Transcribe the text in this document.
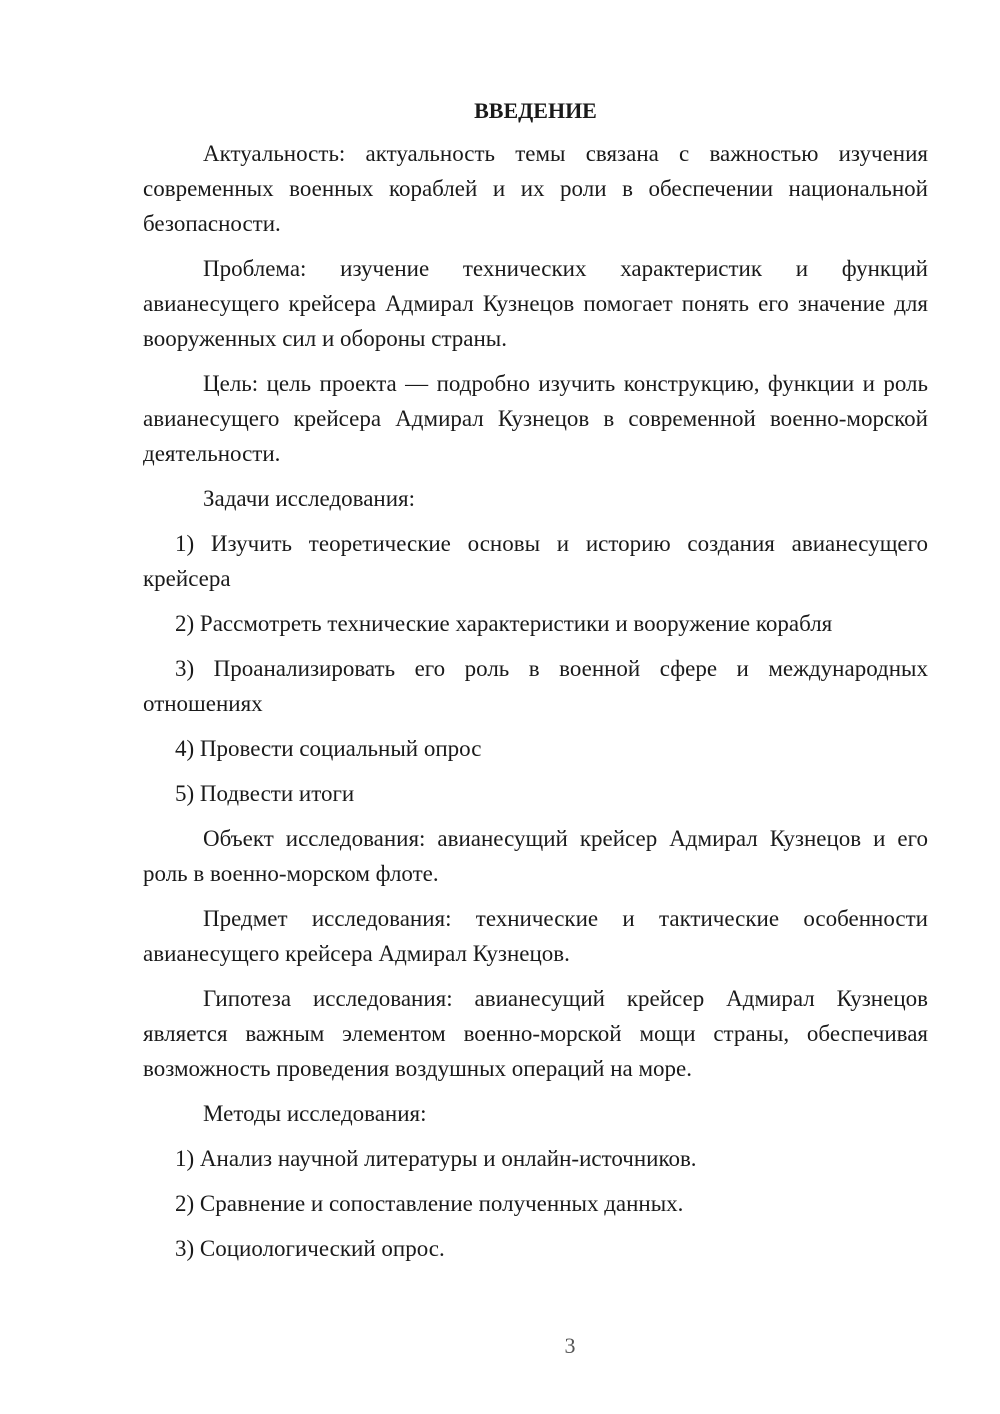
ВВЕДЕНИЕ

Актуальность: актуальность темы связана с важностью изучения современных военных кораблей и их роли в обеспечении национальной безопасности.

Проблема: изучение технических характеристик и функций авианесущего крейсера Адмирал Кузнецов помогает понять его значение для вооруженных сил и обороны страны.

Цель: цель проекта — подробно изучить конструкцию, функции и роль авианесущего крейсера Адмирал Кузнецов в современной военно-морской деятельности.

Задачи исследования:

1) Изучить теоретические основы и историю создания авианесущего крейсера

2) Рассмотреть технические характеристики и вооружение корабля

3) Проанализировать его роль в военной сфере и международных отношениях

4) Провести социальный опрос

5) Подвести итоги

Объект исследования: авианесущий крейсер Адмирал Кузнецов и его роль в военно-морском флоте.

Предмет исследования: технические и тактические особенности авианесущего крейсера Адмирал Кузнецов.

Гипотеза исследования: авианесущий крейсер Адмирал Кузнецов является важным элементом военно-морской мощи страны, обеспечивая возможность проведения воздушных операций на море.

Методы исследования:

1) Анализ научной литературы и онлайн-источников.

2) Сравнение и сопоставление полученных данных.

3) Социологический опрос.

3
